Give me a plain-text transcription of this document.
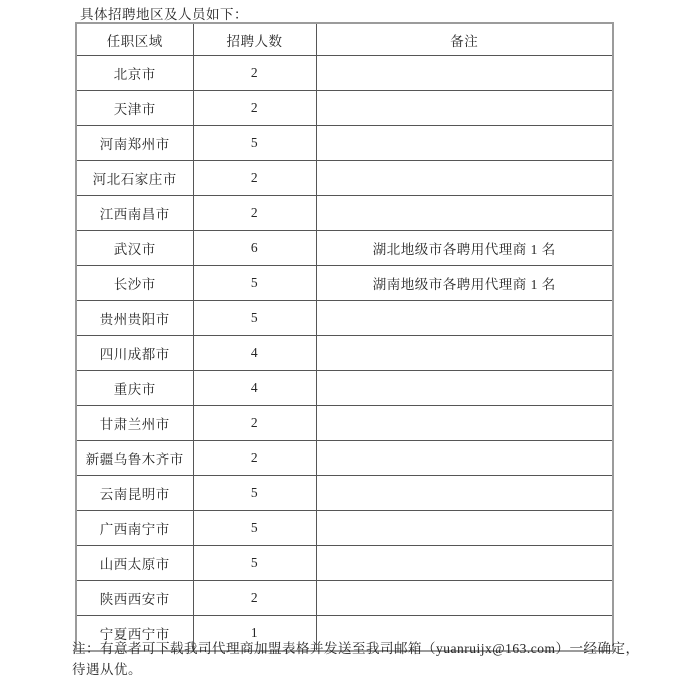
具体招聘地区及人员如下：
任职区域	招聘人数	备注
北京市	2	
天津市	2	
河南郑州市	5	
河北石家庄市	2	
江西南昌市	2	
武汉市	6	湖北地级市各聘用代理商 1 名
长沙市	5	湖南地级市各聘用代理商 1 名
贵州贵阳市	5	
四川成都市	4	
重庆市	4	
甘肃兰州市	2	
新疆乌鲁木齐市	2	
云南昆明市	5	
广西南宁市	5	
山西太原市	5	
陕西西安市	2	
宁夏西宁市	1	
注：有意者可下载我司代理商加盟表格并发送至我司邮箱（yuanruijx@163.com）一经确定，
待遇从优。
